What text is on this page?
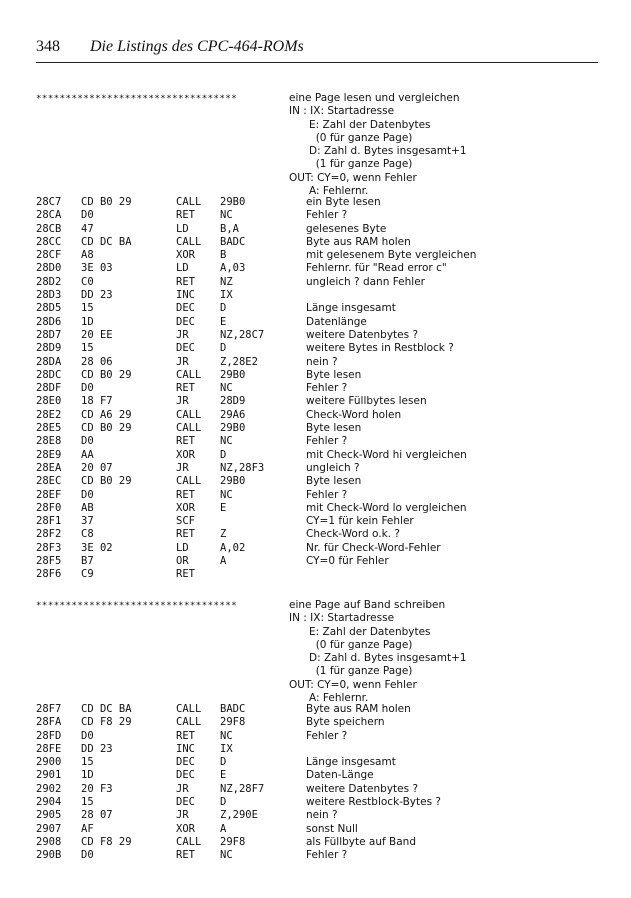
348 Die Listings des CPC-464-ROMs
**********************************	eine Page lesen und vergleichen
IN : IX: Startadresse
E: Zahl der Datenbytes
(0 für ganze Page)
D: Zahl d. Bytes insgesamt+1
(1 für ganze Page)
OUT: CY=0, wenn Fehler
A: Fehlernr.
28C7 CD B0 29	CALL 29B0	ein Byte lesen
28CA D0	RET NC	Fehler ?
28CB 47	LD	B,A	gelesenes Byte
28CC CD DC BA	CALL BADC	Byte aus RAM holen
28CF A8	XOR B	mit gelesenem Byte vergleichen
28D0 3E 03	LD	A,03	Fehlernr. für "Read error c"
28D2 C0	RET NZ	ungleich ? dann Fehler
28D3 DD 23	INC IX
28D5 15	DEC D	Länge insgesamt
28D6 1D	DEC E	Datenlänge
28D7 20 EE	JR	NZ,28C7	weitere Datenbytes ?
28D9 15	DEC D	weitere Bytes in Restblock ?
28DA 28 06	JR	Z,28E2	nein ?
28DC CD B0 29	CALL 29B0	Byte lesen
28DF D0	RET NC	Fehler ?
28E0 18 F7	JR	28D9	weitere Füllbytes lesen
28E2 CD A6 29	CALL 29A6	Check-Word holen
28E5 CD B0 29	CALL 29B0	Byte lesen
28E8 D0	RET NC	Fehler ?
28E9 AA	XOR D	mit Check-Word hi vergleichen
28EA 20 07	JR	NZ,28F3	ungleich ?
28EC CD B0 29	CALL 29B0	Byte lesen
28EF D0	RET NC	Fehler ?
28F0 AB	XOR E	mit Check-Word lo vergleichen
28F1 37	SCF	CY=1 für kein Fehler
28F2 C8	RET Z	Check-Word o.k. ?
28F3 3E 02	LD	A,02	Nr. für Check-Word-Fehler
28F5 B7	OR	A	CY=0 für Fehler
28F6 C9	RET
**********************************	eine Page auf Band schreiben
IN : IX: Startadresse
E: Zahl der Datenbytes
(0 für ganze Page)
D: Zahl d. Bytes insgesamt+1
(1 für ganze Page)
OUT: CY=0, wenn Fehler
A: Fehlernr.
28F7 CD DC BA	CALL BADC	Byte aus RAM holen
28FA CD F8 29	CALL 29F8	Byte speichern
28FD D0	RET NC	Fehler ?
28FE DD 23	INC IX
2900 15	DEC D	Länge insgesamt
2901 1D	DEC E	Daten-Länge
2902 20 F3	JR	NZ,28F7	weitere Datenbytes ?
2904 15	DEC D	weitere Restblock-Bytes ?
2905 28 07	JR	Z,290E	nein ?
2907 AF	XOR A	sonst Null
2908 CD F8 29	CALL 29F8	als Füllbyte auf Band
290B D0	RET NC	Fehler ?
